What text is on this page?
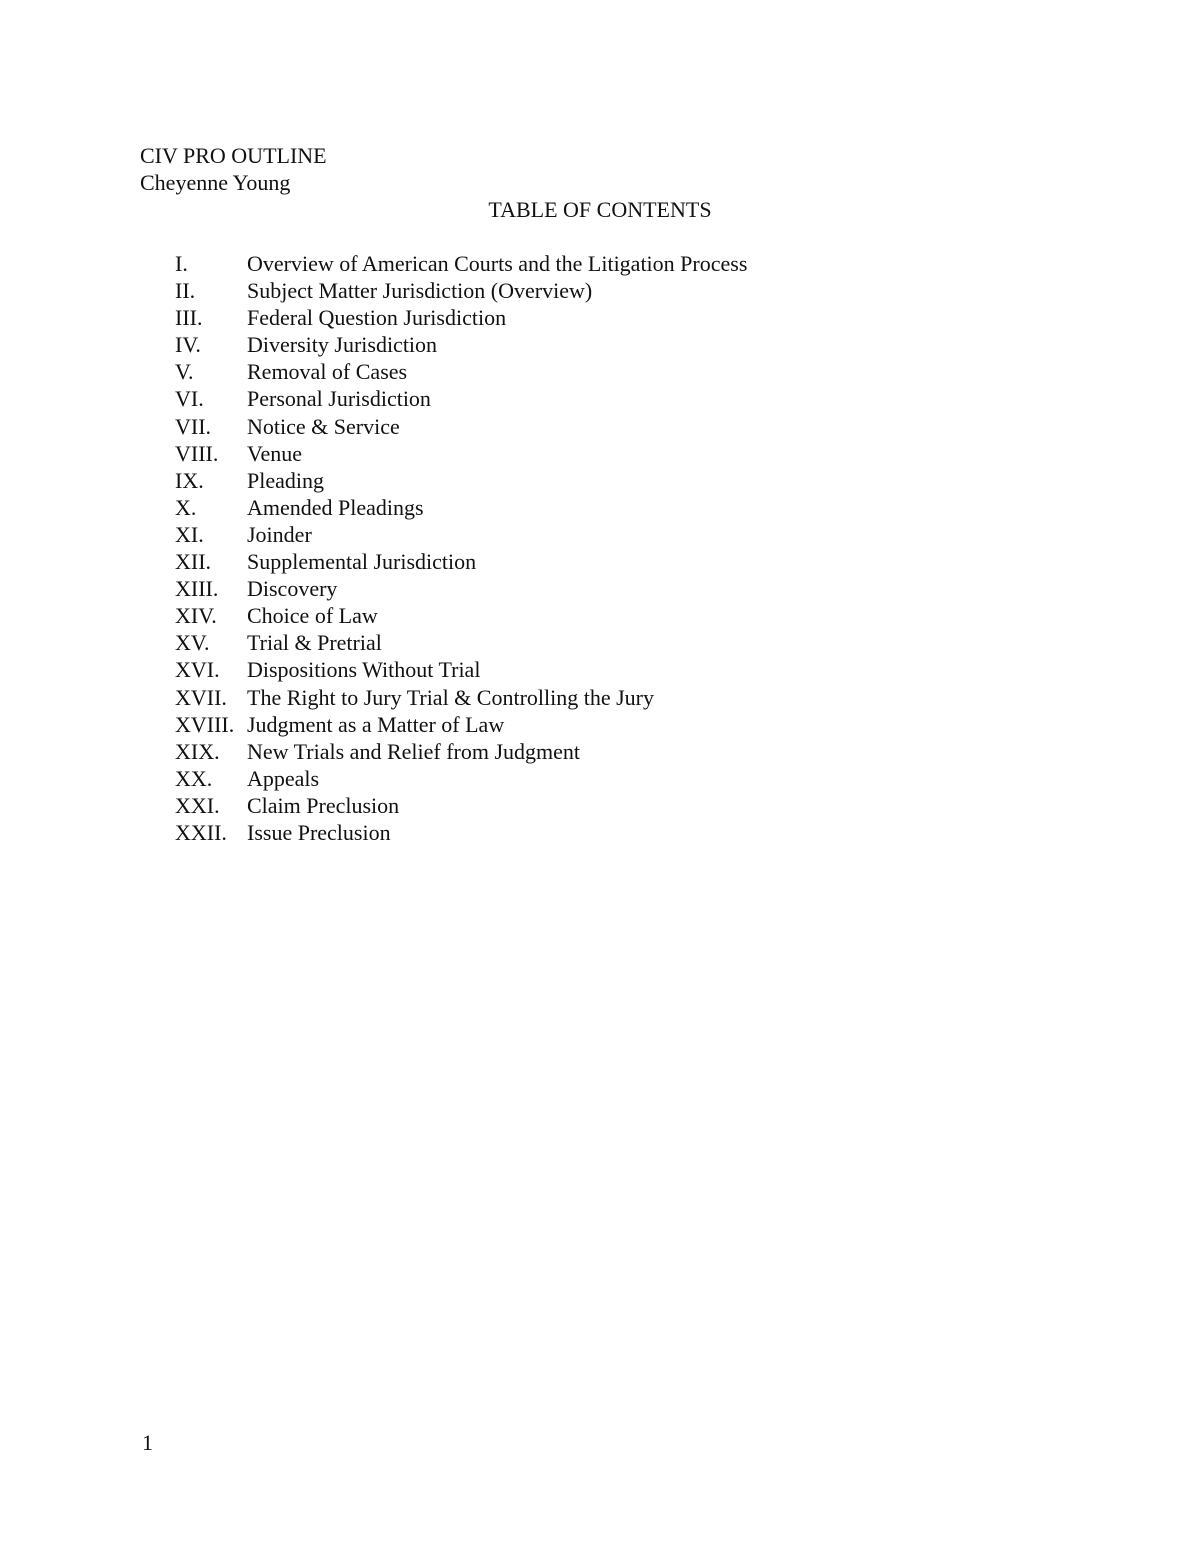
CIV PRO OUTLINE
Cheyenne Young
TABLE OF CONTENTS
I.	Overview of American Courts and the Litigation Process
II.	Subject Matter Jurisdiction (Overview)
III.	Federal Question Jurisdiction
IV.	Diversity Jurisdiction
V.	Removal of Cases
VI.	Personal Jurisdiction
VII.	Notice & Service
VIII.	Venue
IX.	Pleading
X.	Amended Pleadings
XI.	Joinder
XII.	Supplemental Jurisdiction
XIII.	Discovery
XIV.	Choice of Law
XV.	Trial & Pretrial
XVI.	Dispositions Without Trial
XVII. The Right to Jury Trial & Controlling the Jury
XVIII. Judgment as a Matter of Law
XIX.	New Trials and Relief from Judgment
XX.	Appeals
XXI.	Claim Preclusion
XXII. Issue Preclusion
1
